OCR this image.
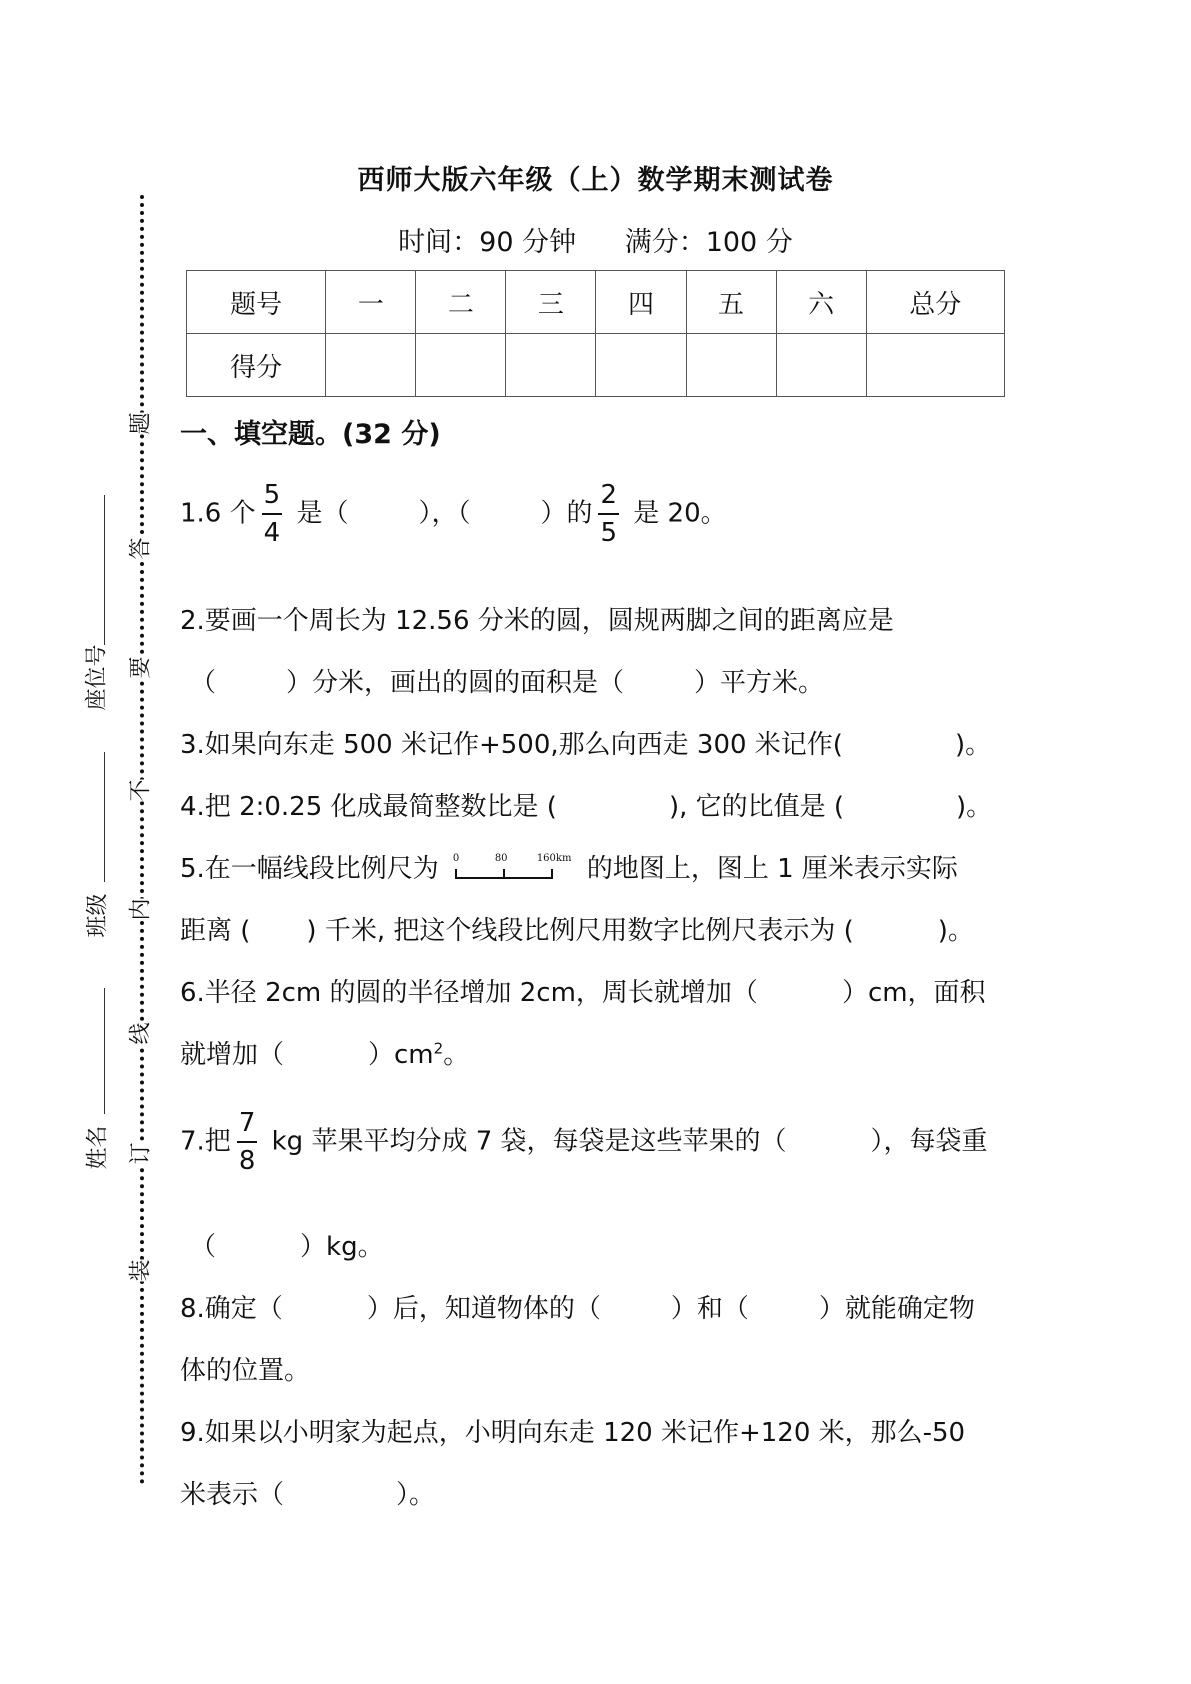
题
答
要
不
内
线
订
装
座位号
班级
姓名
西师大版六年级（上）数学期末测试卷
时间：90 分钟 满分：100 分
题号	一	二	三	四	五	六	总分
得分							
一、填空题。(32 分)
1.6 个 $\frac{5}{4}$ 是（	），（	）的 $\frac{2}{5}$ 是 20。
2.要画一个周长为 12.56 分米的圆，圆规两脚之间的距离应是
（	）分米，画出的圆的面积是（	）平方米。
3.如果向东走 500 米记作+500,那么向西走 300 米记作(	)。
4.把 2:0.25 化成最简整数比是 (	), 它的比值是 (	)。
5.在一幅线段比例尺为 0	80	160km 的地图上，图上 1 厘米表示实际
距离 ( ) 千米, 把这个线段比例尺用数字比例尺表示为 (	)。
6.半径 2cm 的圆的半径增加 2cm，周长就增加（	）cm，面积
就增加（	）$cm^2$。
7.把 $\frac{7}{8}$ kg 苹果平均分成 7 袋，每袋是这些苹果的（	），每袋重
（	）kg。
8.确定（	）后，知道物体的（	）和（	）就能确定物
体的位置。
9.如果以小明家为起点，小明向东走 120 米记作+120 米，那么-50
米表示（	）。
